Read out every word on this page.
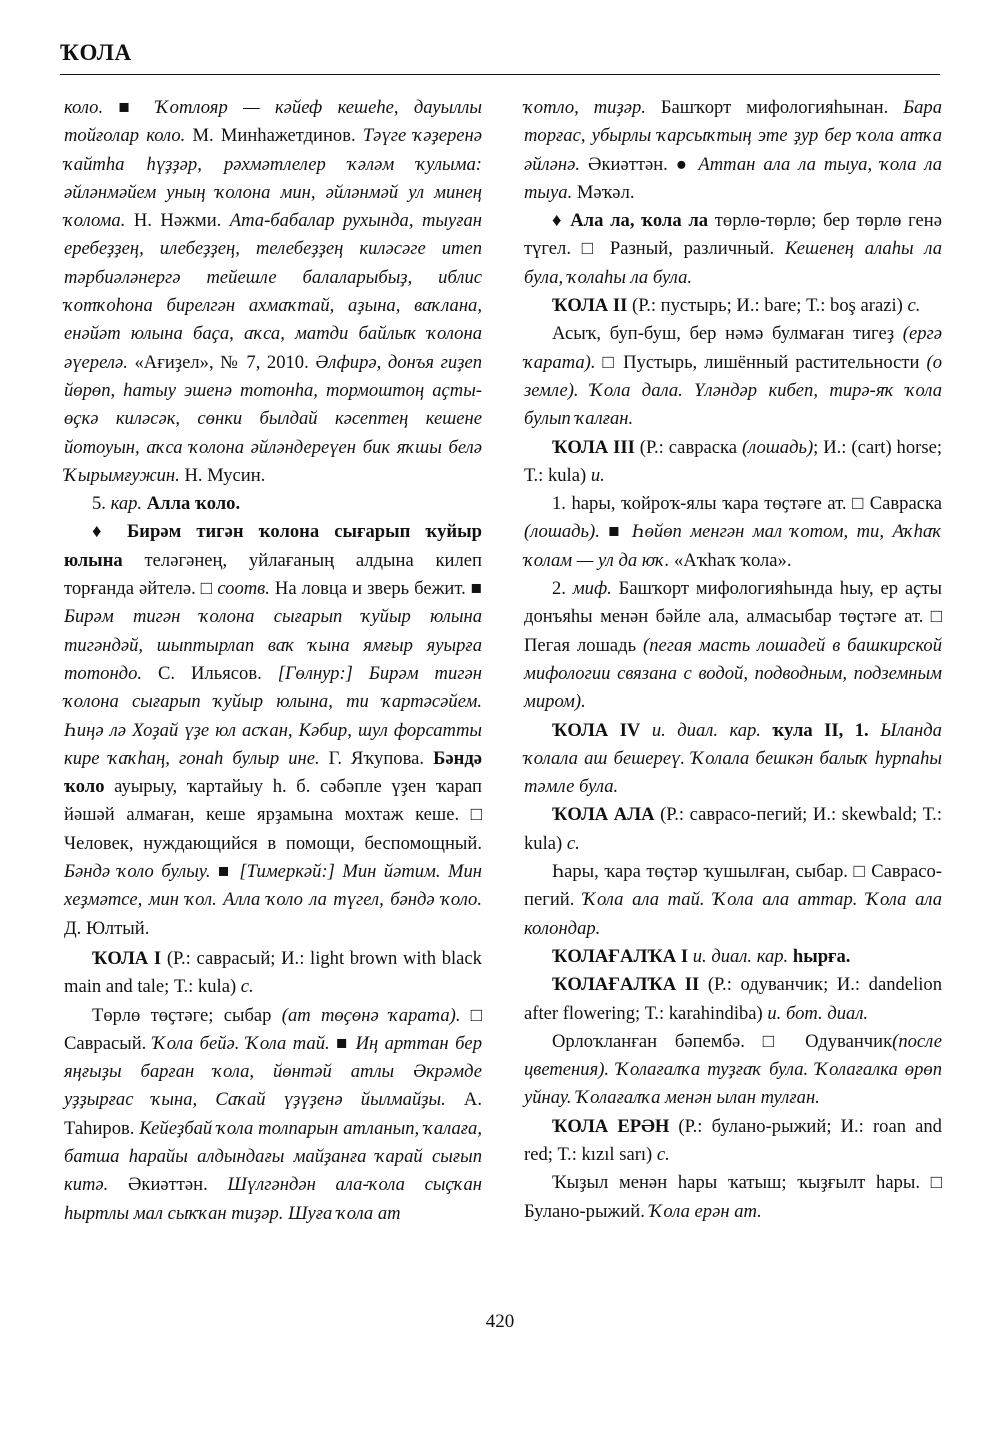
ҠОЛА

коло. ■ Ҡотлояр — кәйеф кешеһе, дауыллы тойғолар коло. М. Минһажетдинов. Тәүге ҡәҙеренә ҡайтһа һүҙҙәр, рәхмәтлелер ҡәләм ҡулыма: әйләнмәйем уның ҡолона мин, әйләнмәй ул минең ҡолома. Н. Нәжми. Ата-бабалар рухында, тыуған еребеҙҙең, илебеҙҙең, телебеҙҙең киләсәге итеп тәрбиәләнергә тейешле балаларыбыҙ, иблис ҡотҡоһона бирелгән ахмаҡтай, аҙына, ваҡлана, енәйәт юлына баҫа, аҡса, матди байлыҡ ҡолона әүерелә. «Ағиҙел», № 7, 2010. Әлфирә, донъя гиҙеп йөрөп, һатыу эшенә тотонһа, тормоштоң аҫты-өҫкә киләсәк, сөнки былдай кәсептең кешене йотоуын, аҡса ҡолона әйләндереүен бик яҡшы белә Ҡырымғужин. Н. Мусин.

5. кар. Алла ҡоло.

♦ Бирәм тигән ҡолона сығарып ҡуйыр юлына теләгәнең, уйлағаның алдына килеп торғанда әйтелә. □ соотв. На ловца и зверь бежит. ■ Бирәм тигән ҡолона сығарып ҡуйыр юлына тигәндәй, шыптырлап ваҡ ҡына ямғыр яуырға тотондо. С. Ильясов. [Гөлнур:] Бирәм тигән ҡолона сығарып ҡуйыр юлына, ти ҡартәсәйем. Һиңә лә Хоҙай үҙе юл асҡан, Кәбир, шул форсатты кире ҡаҡһаң, гонаһ булыр ине. Г. Яҡупова. Бәндә ҡоло ауырыу, ҡартайыу һ. б. сәбәпле үҙен ҡарап йәшәй алмаған, кеше ярҙамына мохтаж кеше. □ Человек, нуждающийся в помощи, беспомощный. Бәндә ҡоло булыу. ■ [Тимеркәй:] Мин йәтим. Мин хеҙмәтсе, мин ҡол. Алла ҡоло ла түгел, бәндә ҡоло. Д. Юлтый.

ҠОЛА I (Р.: саврасый; И.: light brown with black main and tale; Т.: kula) с.

Төрлө төҫтәге; сыбар (ат төҫөнә ҡарата). □ Саврасый. Ҡола бейә. Ҡола тай. ■ Иң арттан бер яңғыҙы барған ҡола, йөнтәй атлы Әкрәмде уҙҙырғас ҡына, Саҡай үҙүҙенә йылмайҙы. А. Таһиров. Кейеҙбай ҡола толпарын атланып, ҡалаға, батша һарайы алдындағы майҙанға ҡарай сығып китә. Әкиәттән. Шүлгәндән ала-ҡола сыҫҡан һыртлы мал сыҡҡан тиҙәр. Шуға ҡола ат

ҡотло, тиҙәр. Башҡорт мифологияһынан. Бара торғас, убырлы ҡарсыҡтың эте ҙур бер ҡола атҡа әйләнә. Әкиәттән. ● Аттан ала ла тыуа, ҡола ла тыуа. Мәҡәл.

♦ Ала ла, ҡола ла төрлө-төрлө; бер төрлө генә түгел. □ Разный, различный. Кешенең алаһы ла була, ҡолаһы ла була.

ҠОЛА II (Р.: пустырь; И.: bare; Т.: boş arazi) с.

Асыҡ, буп-буш, бер нәмә булмаған тигеҙ (ергә ҡарата). □ Пустырь, лишённый растительности (о земле). Ҡола дала. Үләндәр кибеп, тирә-яҡ ҡола булып ҡалған.

ҠОЛА III (Р.: савраска (лошадь); И.: (cart) horse; Т.: kula) и.

1. һары, ҡойроҡ-ялы ҡара төҫтәге ат. □ Савраска (лошадь). ■ Һөйөп менгән мал ҡотом, ти, Аҡһаҡ ҡолам — ул да юҡ. «Аҡһаҡ ҡола».

2. миф. Башҡорт мифологияһында һыу, ер аҫты донъяһы менән бәйле ала, алмасыбар төҫтәге ат. □ Пегая лошадь (пегая масть лошадей в башкирской мифологии связана с водой, подводным, подземным миром).

ҠОЛА IV и. диал. кар. ҡула II, 1. Ыланда ҡолала аш бешереү. Ҡолала бешкән балыҡ һурпаһы тәмле була.

ҠОЛА АЛА (Р.: саврасо-пегий; И.: skewbald; Т.: kula) с.

Һары, ҡара төҫтәр ҡушылған, сыбар. □ Саврасо-пегий. Ҡола ала тай. Ҡола ала аттар. Ҡола ала колондар.

ҠОЛАҒАЛҠА I и. диал. кар. һырға.

ҠОЛАҒАЛҠА II (Р.: одуванчик; И.: dandelion after flowering; Т.: karahindiba) и. бот. диал.

Орлоҡланған бәпембә. □ Одуванчик(после цветения). Ҡолағалҡа туҙғаҡ була. Ҡолағалка өрөп уйнау. Ҡолағалҡа менән ылан тулған.

ҠОЛА ЕРӘН (Р.: булано-рыжий; И.: roan and red; Т.: kızıl sarı) с.

Ҡыҙыл менән һары ҡатыш; ҡыҙғылт һары. □ Булано-рыжий. Ҡола ерән ат.

420
